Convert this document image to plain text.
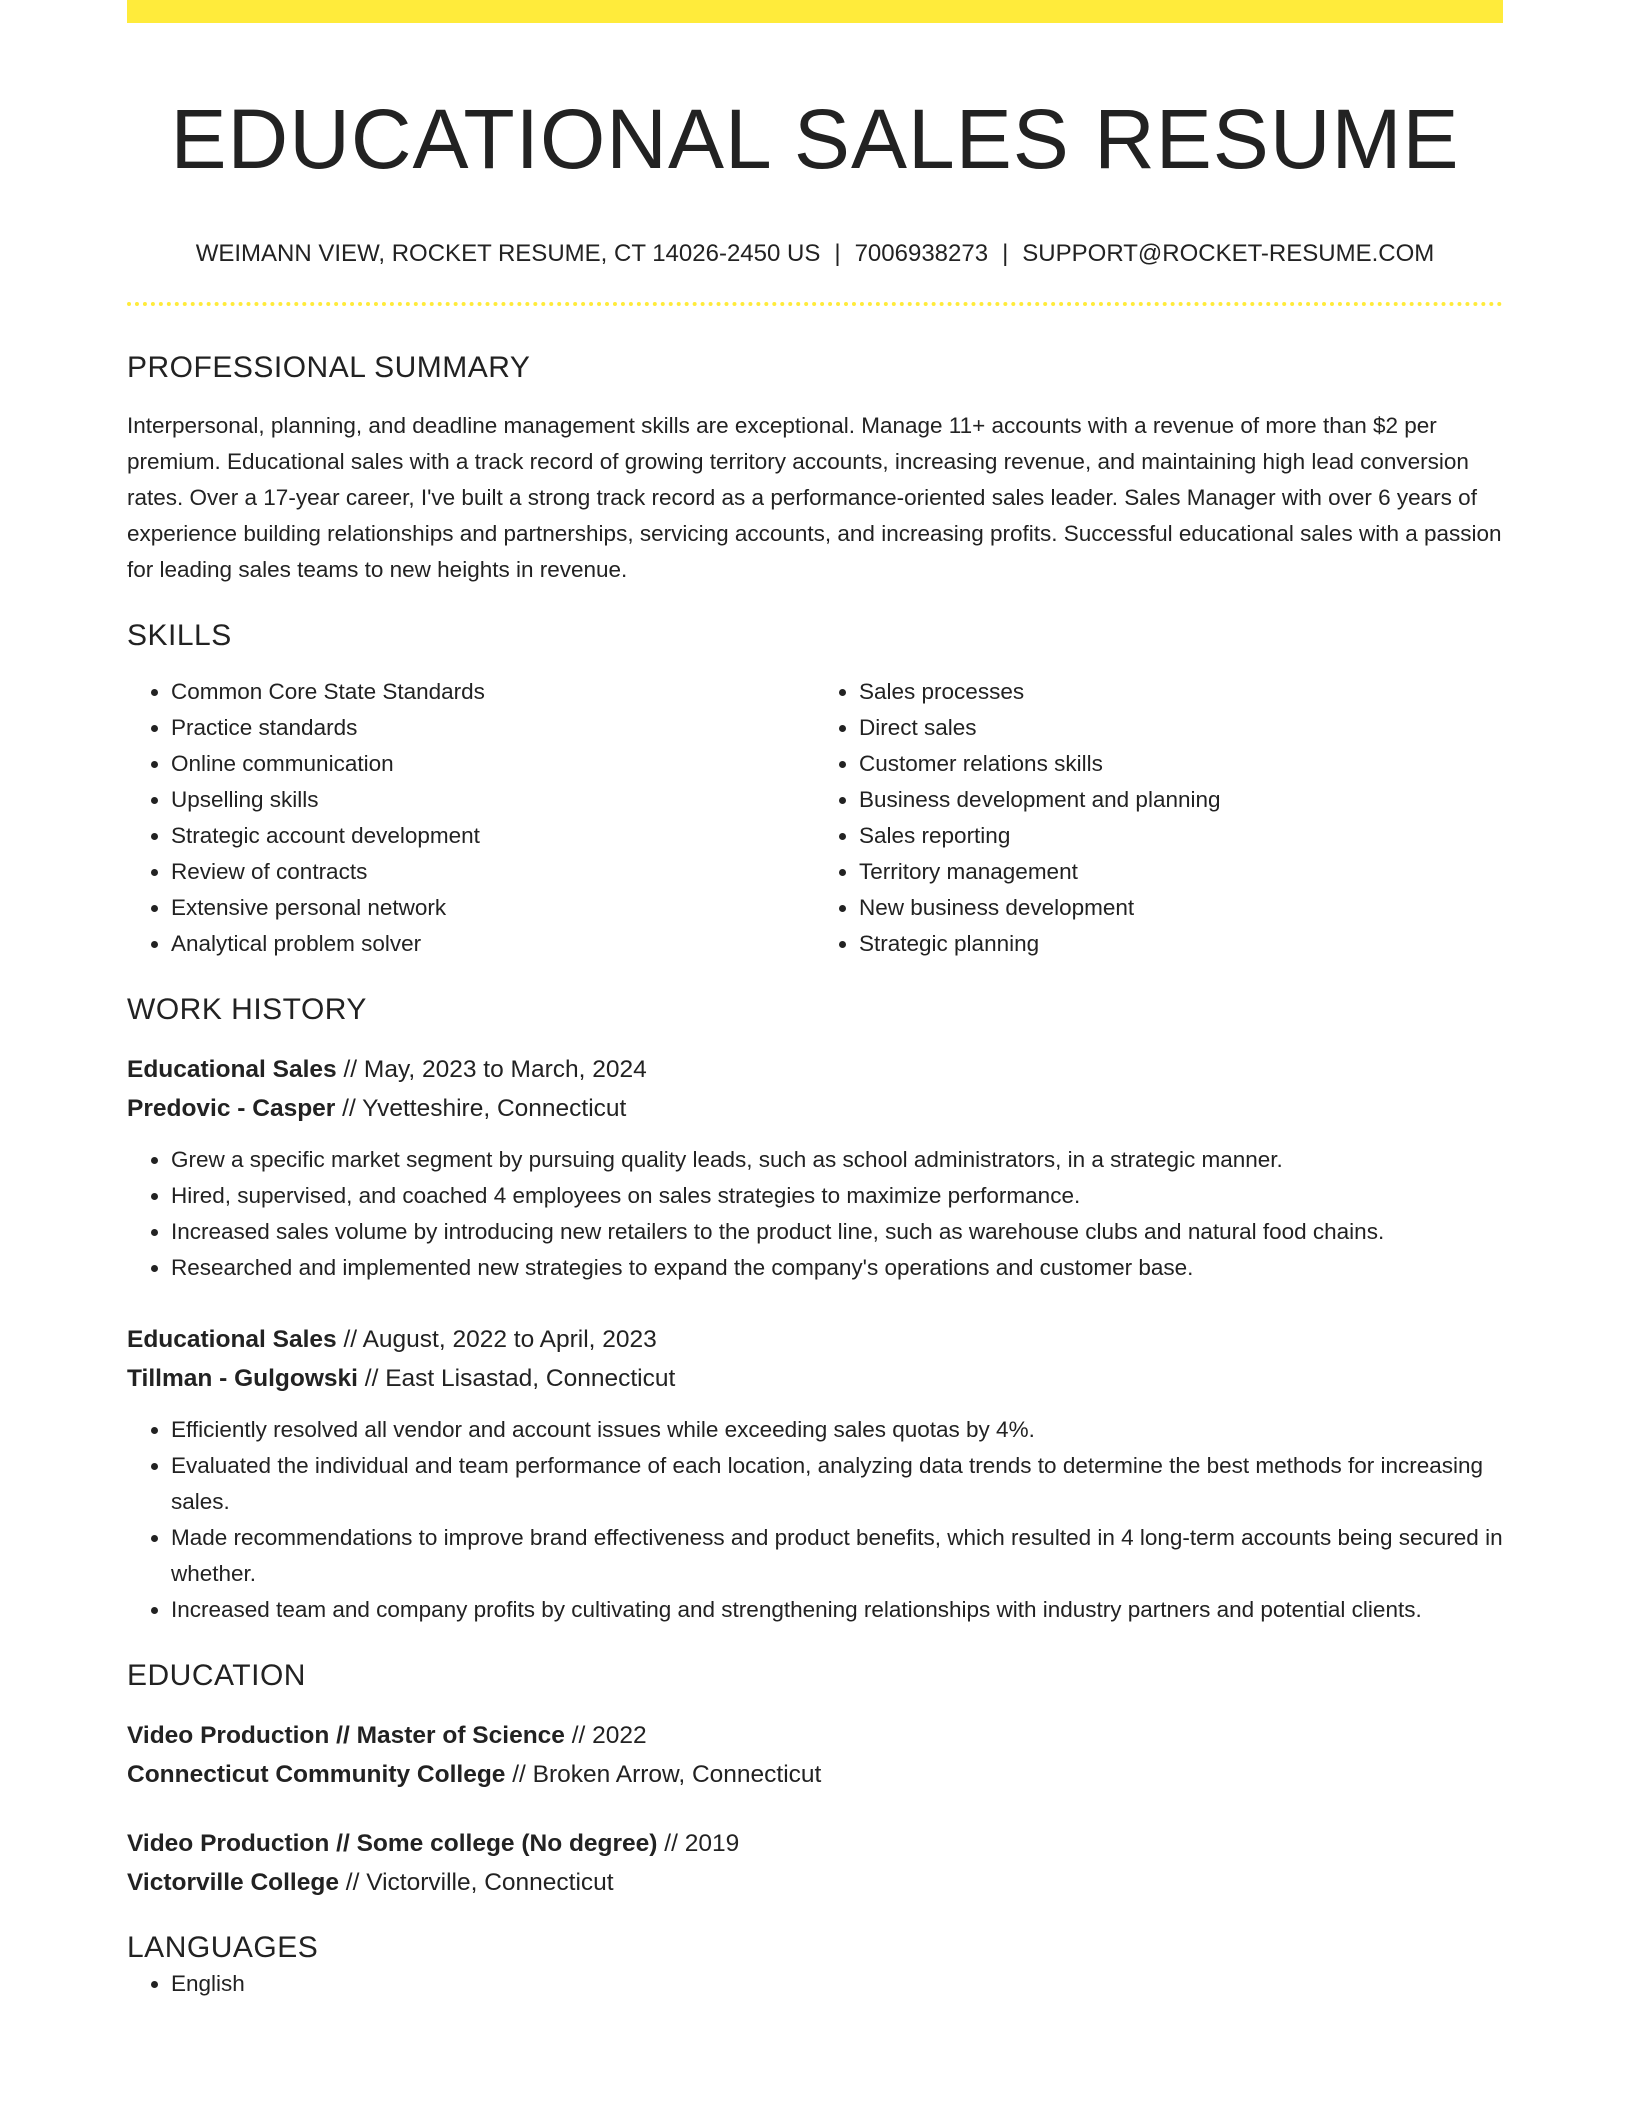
EDUCATIONAL SALES RESUME
WEIMANN VIEW, ROCKET RESUME, CT 14026-2450 US | 7006938273 | SUPPORT@ROCKET-RESUME.COM
PROFESSIONAL SUMMARY

Interpersonal, planning, and deadline management skills are exceptional. Manage 11+ accounts with a revenue of more than $2 per premium. Educational sales with a track record of growing territory accounts, increasing revenue, and maintaining high lead conversion rates. Over a 17-year career, I've built a strong track record as a performance-oriented sales leader. Sales Manager with over 6 years of experience building relationships and partnerships, servicing accounts, and increasing profits. Successful educational sales with a passion for leading sales teams to new heights in revenue.

SKILLS
• Common Core State Standards
• Practice standards
• Online communication
• Upselling skills
• Strategic account development
• Review of contracts
• Extensive personal network
• Analytical problem solver
• Sales processes
• Direct sales
• Customer relations skills
• Business development and planning
• Sales reporting
• Territory management
• New business development
• Strategic planning
WORK HISTORY
Educational Sales // May, 2023 to March, 2024
Predovic - Casper // Yvetteshire, Connecticut
• Grew a specific market segment by pursuing quality leads, such as school administrators, in a strategic manner.
• Hired, supervised, and coached 4 employees on sales strategies to maximize performance.
• Increased sales volume by introducing new retailers to the product line, such as warehouse clubs and natural food chains.
• Researched and implemented new strategies to expand the company's operations and customer base.
Educational Sales // August, 2022 to April, 2023
Tillman - Gulgowski // East Lisastad, Connecticut
• Efficiently resolved all vendor and account issues while exceeding sales quotas by 4%.
• Evaluated the individual and team performance of each location, analyzing data trends to determine the best methods for increasing sales.
• Made recommendations to improve brand effectiveness and product benefits, which resulted in 4 long-term accounts being secured in whether.
• Increased team and company profits by cultivating and strengthening relationships with industry partners and potential clients.
EDUCATION
Video Production // Master of Science // 2022
Connecticut Community College // Broken Arrow, Connecticut
Video Production // Some college (No degree) // 2019
Victorville College // Victorville, Connecticut
LANGUAGES
• English
